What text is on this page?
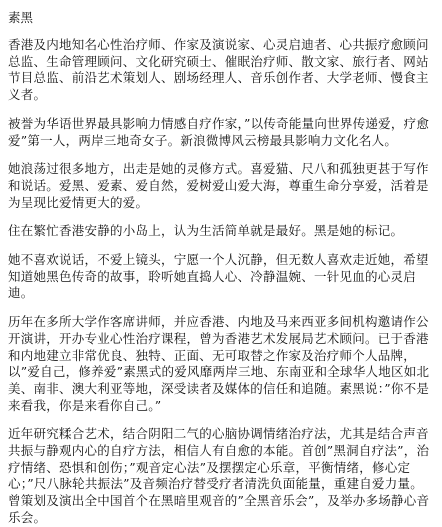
素黑

香港及内地知名心性治疗师、作家及演说家、心灵启迪者、心共振疗愈顾问总监、生命管理顾问、文化研究硕士、催眠治疗师、散文家、旅行者、网站节目总监、前沿艺术策划人、剧场经理人、音乐创作者、大学老师、慢食主义者。

被誉为华语世界最具影响力情感自疗作家，”以传奇能量向世界传递爱，疗愈爱”第一人，两岸三地奇女子。新浪微博风云榜最具影响力文化名人。

她浪荡过很多地方，出走是她的灵修方式。喜爱猫、尺八和孤独更甚于写作和说话。爱黑、爱素、爱自然，爱树爱山爱大海，尊重生命分享爱，活着是为呈现比爱情更大的爱。

住在繁忙香港安静的小岛上，认为生活简单就是最好。黑是她的标记。

她不喜欢说话，不爱上镜头，宁愿一个人沉静，但无数人喜欢走近她，希望知道她黑色传奇的故事，聆听她直捣人心、冷静温婉、一针见血的心灵启迪。

历年在多所大学作客席讲师，并应香港、内地及马来西亚多间机构邀请作公开演讲，开办专业心性治疗课程，曾为香港艺术发展局艺术顾问。已于香港和内地建立非常优良、独特、正面、无可取替之作家及治疗师个人品牌，以”爱自己，修养爱”素黑式的爱风靡两岸三地、东南亚和全球华人地区如北美、南非、澳大利亚等地，深受读者及媒体的信任和追随。素黑说：”你不是来看我，你是来看你自己。”

近年研究糅合艺术，结合阴阳二气的心脑协调情绪治疗法，尤其是结合声音共振与静观内心的自疗方法，相信人有自愈的本能。首创”黑洞自疗法”，治疗情绪、恐惧和创伤；”观音定心法”及摆摆定心乐章，平衡情绪，修心定心；”尺八脉轮共振法”及音频治疗替受疗者清洗负面能量，重建自爱力量。曾策划及演出全中国首个在黑暗里观音的”全黑音乐会”，及举办多场静心音乐会。
